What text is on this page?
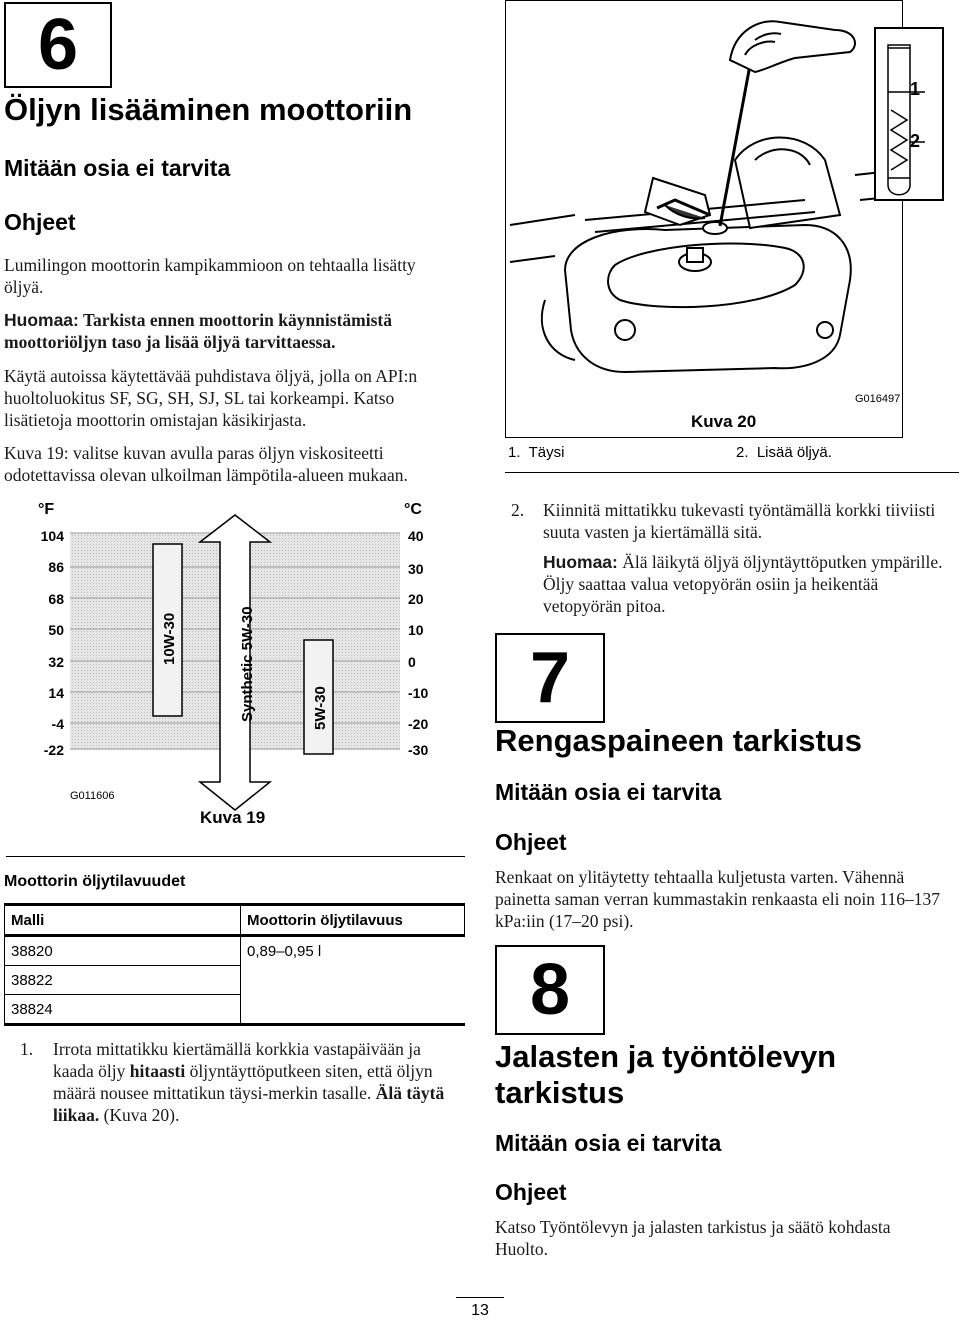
6
Öljyn lisääminen moottoriin
Mitään osia ei tarvita
Ohjeet
Lumilingon moottorin kampikammioon on tehtaalla lisätty öljyä.
Huomaa: Tarkista ennen moottorin käynnistämistä moottoriöljyn taso ja lisää öljyä tarvittaessa.
Käytä autoissa käytettävää puhdistava öljyä, jolla on API:n huoltoluokitus SF, SG, SH, SJ, SL tai korkeampi. Katso lisätietoja moottorin omistajan käsikirjasta.
Kuva 19: valitse kuvan avulla paras öljyn viskositeetti odotettavissa olevan ulkoilman lämpötila-alueen mukaan.
°F	°C
104
86
68
50
32
14
-4
-22
40
30
20
10
0
-10
-20
-30
10W-30	Synthetic 5W-30	5W-30
G011606
Kuva 19
Moottorin öljytilavuudet
Malli	Moottorin öljytilavuus
38820	0,89–0,95 l
38822	
38824	
1. Irrota mittatikku kiertämällä korkkia vastapäivään ja kaada öljy hitaasti öljyntäyttöputkeen siten, että öljyn määrä nousee mittatikun täysi-merkin tasalle. Älä täytä liikaa. (Kuva 20).
1
2
G016497
Kuva 20
1.  Täysi	2.  Lisää öljyä.
2. Kiinnitä mittatikku tukevasti työntämällä korkki tiiviisti suuta vasten ja kiertämällä sitä.
Huomaa: Älä läikytä öljyä öljyntäyttöputken ympärille. Öljy saattaa valua vetopyörän osiin ja heikentää vetopyörän pitoa.
7
Rengaspaineen tarkistus
Mitään osia ei tarvita
Ohjeet
Renkaat on ylitäytetty tehtaalla kuljetusta varten. Vähennä painetta saman verran kummastakin renkaasta eli noin 116–137 kPa:iin (17–20 psi).
8
Jalasten ja työntölevyn tarkistus
Mitään osia ei tarvita
Ohjeet
Katso Työntölevyn ja jalasten tarkistus ja säätö kohdasta Huolto.
13
